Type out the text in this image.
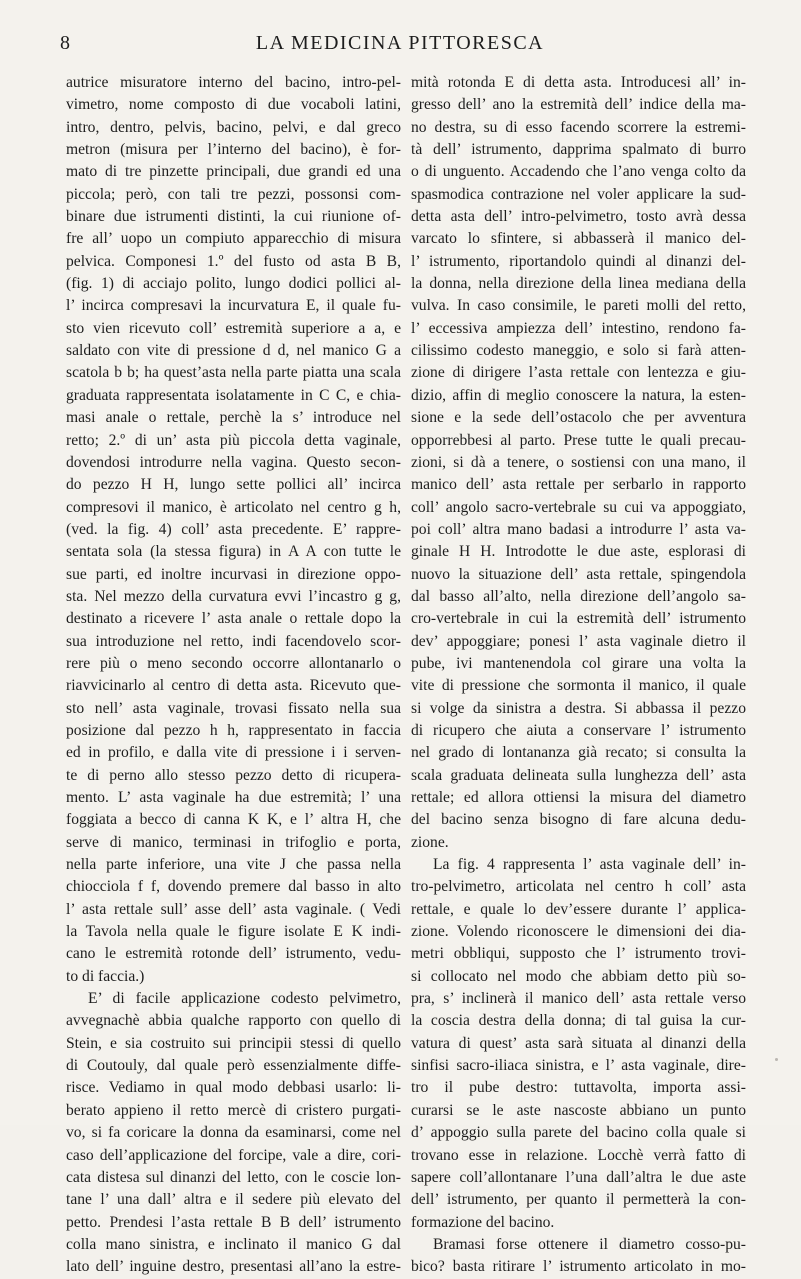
8	LA MEDICINA PITTORESCA
autrice misuratore interno del bacino, intro-pel-
vimetro, nome composto di due vocaboli latini,
intro, dentro, pelvis, bacino, pelvi, e dal greco
metron (misura per l’interno del bacino), è for-
mato di tre pinzette principali, due grandi ed una
piccola; però, con tali tre pezzi, possonsi com-
binare due istrumenti distinti, la cui riunione of-
fre all’ uopo un compiuto apparecchio di misura
pelvica. Componesi 1.º del fusto od asta B B,
(fig. 1) di acciajo polito, lungo dodici pollici al-
l’ incirca compresavi la incurvatura E, il quale fu-
sto vien ricevuto coll’ estremità superiore a a, e
saldato con vite di pressione d d, nel manico G a
scatola b b; ha quest’asta nella parte piatta una scala
graduata rappresentata isolatamente in C C, e chia-
masi anale o rettale, perchè la s’ introduce nel
retto; 2.º di un’ asta più piccola detta vaginale,
dovendosi introdurre nella vagina. Questo secon-
do pezzo H H, lungo sette pollici all’ incirca
compresovi il manico, è articolato nel centro g h,
(ved. la fig. 4) coll’ asta precedente. E’ rappre-
sentata sola (la stessa figura) in A A con tutte le
sue parti, ed inoltre incurvasi in direzione oppo-
sta. Nel mezzo della curvatura evvi l’incastro g g,
destinato a ricevere l’ asta anale o rettale dopo la
sua introduzione nel retto, indi facendovelo scor-
rere più o meno secondo occorre allontanarlo o
riavvicinarlo al centro di detta asta. Ricevuto que-
sto nell’ asta vaginale, trovasi fissato nella sua
posizione dal pezzo h h, rappresentato in faccia
ed in profilo, e dalla vite di pressione i i serven-
te di perno allo stesso pezzo detto di ricupera-
mento. L’ asta vaginale ha due estremità; l’ una
foggiata a becco di canna K K, e l’ altra H, che
serve di manico, terminasi in trifoglio e porta,
nella parte inferiore, una vite J che passa nella
chiocciola f f, dovendo premere dal basso in alto
l’ asta rettale sull’ asse dell’ asta vaginale. ( Vedi
la Tavola nella quale le figure isolate E K indi-
cano le estremità rotonde dell’ istrumento, vedu-
to di faccia.)
E’ di facile applicazione codesto pelvimetro,
avvegnachè abbia qualche rapporto con quello di
Stein, e sia costruito sui principii stessi di quello
di Coutouly, dal quale però essenzialmente diffe-
risce. Vediamo in qual modo debbasi usarlo: li-
berato appieno il retto mercè di cristero purgati-
vo, si fa coricare la donna da esaminarsi, come nel
caso dell’applicazione del forcipe, vale a dire, cori-
cata distesa sul dinanzi del letto, con le coscie lon-
tane l’ una dall’ altra e il sedere più elevato del
petto. Prendesi l’asta rettale B B dell’ istrumento
colla mano sinistra, e inclinato il manico G dal
lato dell’ inguine destro, presentasi all’ano la estre-
mità rotonda E di detta asta. Introducesi all’ in-
gresso dell’ ano la estremità dell’ indice della ma-
no destra, su di esso facendo scorrere la estremi-
tà dell’ istrumento, dapprima spalmato di burro
o di unguento. Accadendo che l’ano venga colto da
spasmodica contrazione nel voler applicare la sud-
detta asta dell’ intro-pelvimetro, tosto avrà dessa
varcato lo sfintere, si abbasserà il manico del-
l’ istrumento, riportandolo quindi al dinanzi del-
la donna, nella direzione della linea mediana della
vulva. In caso consimile, le pareti molli del retto,
l’ eccessiva ampiezza dell’ intestino, rendono fa-
cilissimo codesto maneggio, e solo si farà atten-
zione di dirigere l’asta rettale con lentezza e giu-
dizio, affin di meglio conoscere la natura, la esten-
sione e la sede dell’ostacolo che per avventura
opporrebbesi al parto. Prese tutte le quali precau-
zioni, si dà a tenere, o sostiensi con una mano, il
manico dell’ asta rettale per serbarlo in rapporto
coll’ angolo sacro-vertebrale su cui va appoggiato,
poi coll’ altra mano badasi a introdurre l’ asta va-
ginale H H. Introdotte le due aste, esplorasi di
nuovo la situazione dell’ asta rettale, spingendola
dal basso all’alto, nella direzione dell’angolo sa-
cro-vertebrale in cui la estremità dell’ istrumento
dev’ appoggiare; ponesi l’ asta vaginale dietro il
pube, ivi mantenendola col girare una volta la
vite di pressione che sormonta il manico, il quale
si volge da sinistra a destra. Si abbassa il pezzo
di ricupero che aiuta a conservare l’ istrumento
nel grado di lontananza già recato; si consulta la
scala graduata delineata sulla lunghezza dell’ asta
rettale; ed allora ottiensi la misura del diametro
del bacino senza bisogno di fare alcuna dedu-
zione.
La fig. 4 rappresenta l’ asta vaginale dell’ in-
tro-pelvimetro, articolata nel centro h coll’ asta
rettale, e quale lo dev’essere durante l’ applica-
zione. Volendo riconoscere le dimensioni dei dia-
metri obbliqui, supposto che l’ istrumento trovi-
si collocato nel modo che abbiam detto più so-
pra, s’ inclinerà il manico dell’ asta rettale verso
la coscia destra della donna; di tal guisa la cur-
vatura di quest’ asta sarà situata al dinanzi della
sinfisi sacro-iliaca sinistra, e l’ asta vaginale, dire-
tro il pube destro: tuttavolta, importa assi-
curarsi se le aste nascoste abbiano un punto
d’ appoggio sulla parete del bacino colla quale si
trovano esse in relazione. Locchè verrà fatto di
sapere coll’allontanare l’una dall’altra le due aste
dell’ istrumento, per quanto il permetterà la con-
formazione del bacino.
Bramasi forse ottenere il diametro cosso-pu-
bico? basta ritirare l’ istrumento articolato in mo-
